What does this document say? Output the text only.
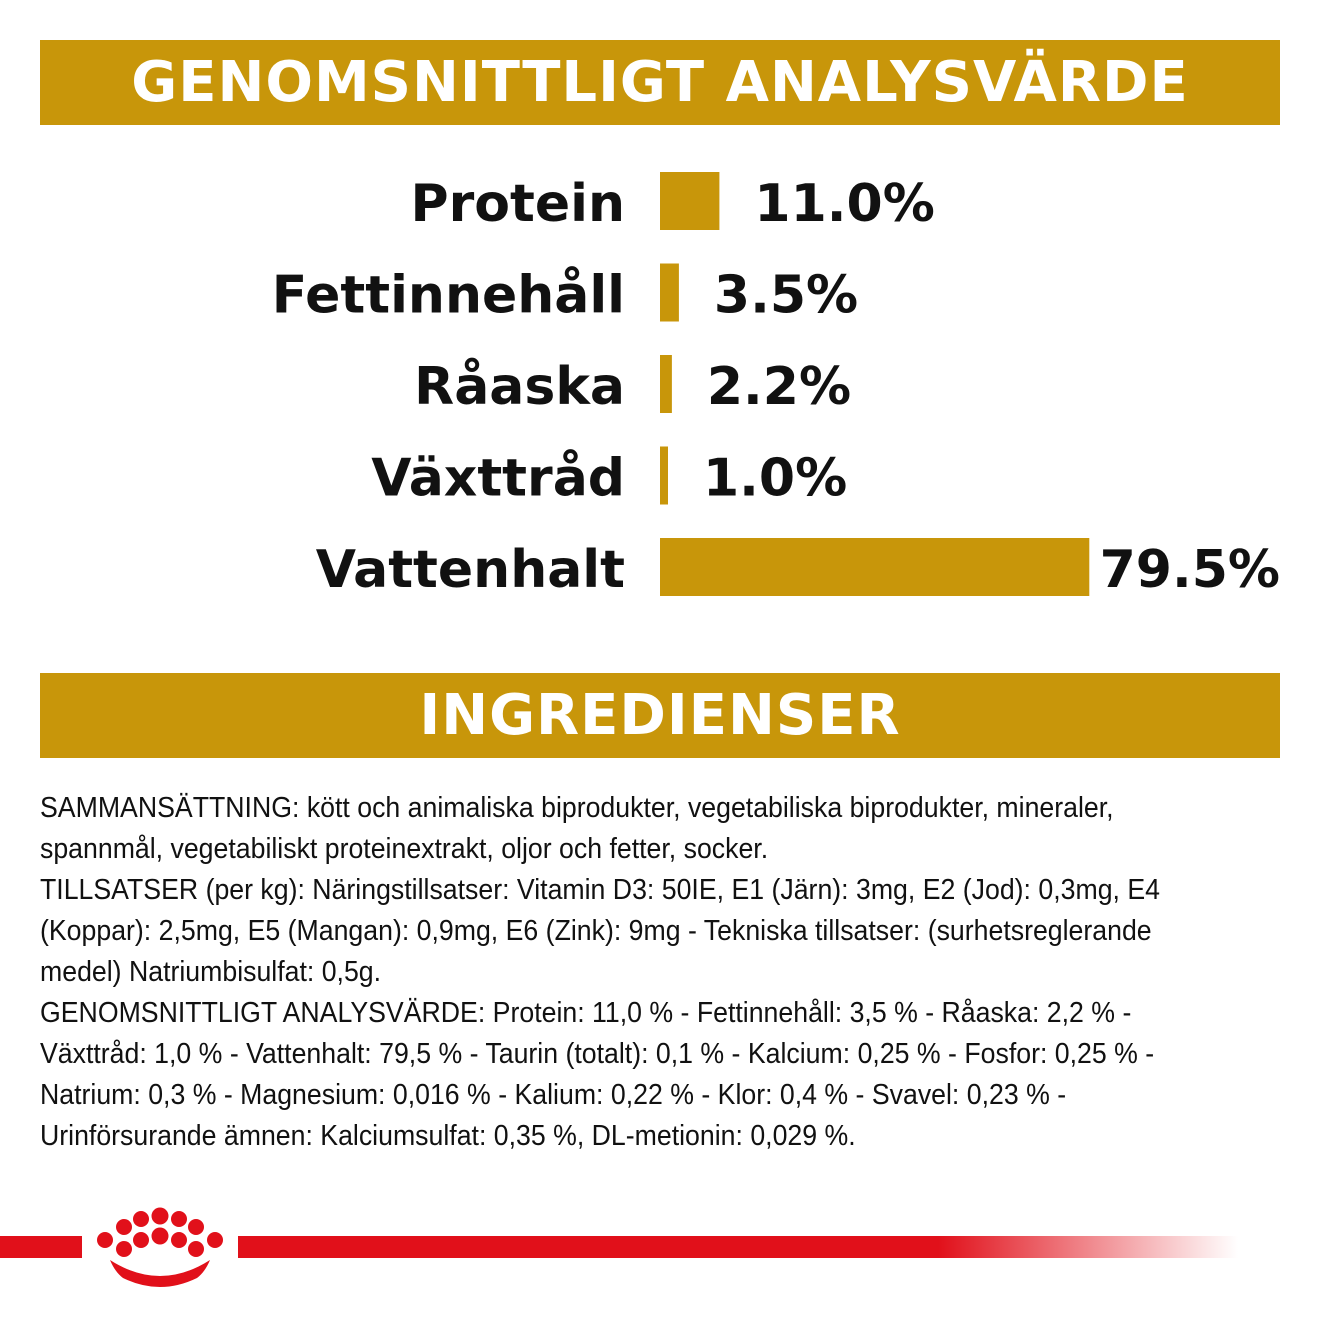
GENOMSNITTLIGT ANALYSVÄRDE
Protein 11.0%
Fettinnehåll 3.5%
Råaska 2.2%
Växttråd 1.0%
Vattenhalt	79.5%
INGREDIENSER

SAMMANSÄTTNING: kött och animaliska biprodukter, vegetabiliska biprodukter, mineraler, spannmål, vegetabiliskt proteinextrakt, oljor och fetter, socker.

TILLSATSER (per kg): Näringstillsatser: Vitamin D3: 50IE, E1 (Järn): 3mg, E2 (Jod): 0,3mg, E4 (Koppar): 2,5mg, E5 (Mangan): 0,9mg, E6 (Zink): 9mg - Tekniska tillsatser: (surhetsreglerande medel) Natriumbisulfat: 0,5g.

GENOMSNITTLIGT ANALYSVÄRDE: Protein: 11,0 % - Fettinnehåll: 3,5 % - Råaska: 2,2 % - Växttråd: 1,0 % - Vattenhalt: 79,5 % - Taurin (totalt): 0,1 % - Kalcium: 0,25 % - Fosfor: 0,25 % - Natrium: 0,3 % - Magnesium: 0,016 % - Kalium: 0,22 % - Klor: 0,4 % - Svavel: 0,23 % - Urinförsurande ämnen: Kalciumsulfat: 0,35 %, DL-metionin: 0,029 %.
